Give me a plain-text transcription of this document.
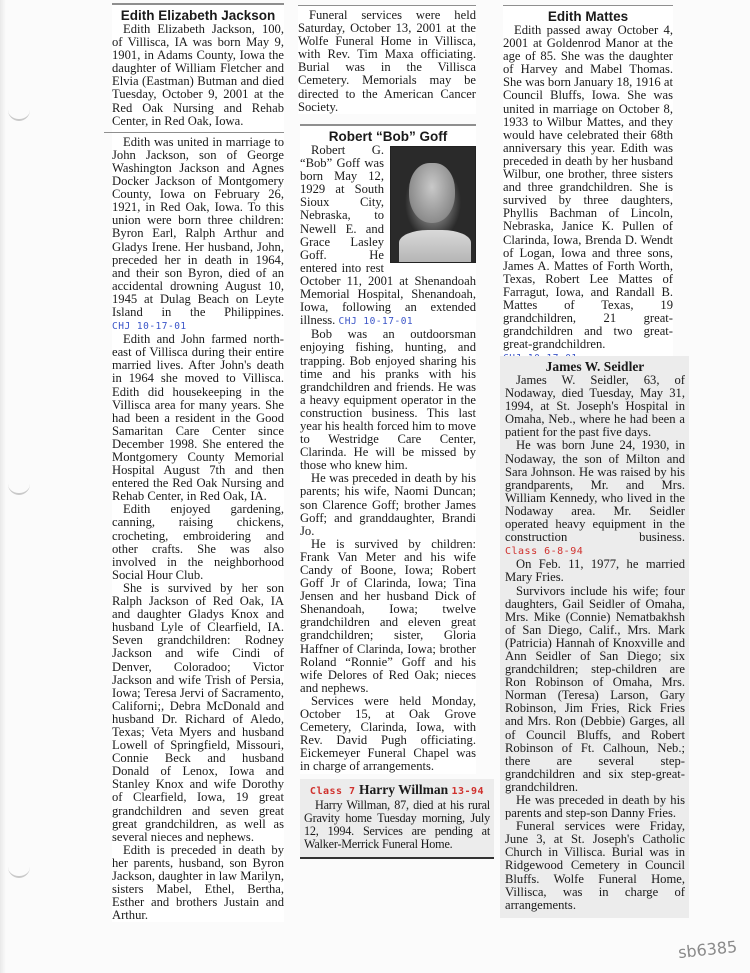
Edith Elizabeth Jackson

Edith Elizabeth Jackson, 100, of Villisca, IA was born May 9, 1901, in Adams County, Iowa the daughter of William Fletcher and Elvia (Eastman) Butman and died Tuesday, October 9, 2001 at the Red Oak Nursing and Rehab Center, in Red Oak, Iowa.

Edith was united in marriage to John Jackson, son of George Washington Jackson and Agnes Docker Jackson of Montgomery County, Iowa on February 26, 1921, in Red Oak, Iowa. To this union were born three children: Byron Earl, Ralph Arthur and Gladys Irene. Her husband, John, preceded her in death in 1964, and their son Byron, died of an accidental drowning August 10, 1945 at Dulag Beach on Leyte Island in the Philippines. CHJ 10-17-01

Edith and John farmed north-east of Villisca during their entire married lives. After John's death in 1964 she moved to Villisca. Edith did housekeeping in the Villisca area for many years. She had been a resident in the Good Samaritan Care Center since December 1998. She entered the Montgomery County Memorial Hospital August 7th and then entered the Red Oak Nursing and Rehab Center, in Red Oak, IA.

Edith enjoyed gardening, canning, raising chickens, crocheting, embroidering and other crafts. She was also involved in the neighborhood Social Hour Club.

She is survived by her son Ralph Jackson of Red Oak, IA and daughter Gladys Knox and husband Lyle of Clearfield, IA. Seven grandchildren: Rodney Jackson and wife Cindi of Denver, Coloradoo; Victor Jackson and wife Trish of Persia, Iowa; Teresa Jervi of Sacramento, Californi;, Debra McDonald and husband Dr. Richard of Aledo, Texas; Veta Myers and husband Lowell of Springfield, Missouri, Connie Beck and husband Donald of Lenox, Iowa and Stanley Knox and wife Dorothy of Clearfield, Iowa, 19 great grandchildren and seven great great grandchildren, as well as several nieces and nephews.

Edith is preceded in death by her parents, husband, son Byron Jackson, daughter in law Marilyn, sisters Mabel, Ethel, Bertha, Esther and brothers Justain and Arthur.

Funeral services were held Saturday, October 13, 2001 at the Wolfe Funeral Home in Villisca, with Rev. Tim Maxa officiating. Burial was in the Villisca Cemetery. Memorials may be directed to the American Cancer Society.

Robert “Bob” Goff

Robert G. “Bob” Goff was born May 12, 1929 at South Sioux City, Nebraska, to Newell E. and Grace Lasley Goff. He entered into rest October 11, 2001 at Shenandoah Memorial Hospital, Shenandoah, Iowa, following an extended illness. CHJ 10-17-01

Bob was an outdoorsman enjoying fishing, hunting, and trapping. Bob enjoyed sharing his time and his pranks with his grandchildren and friends. He was a heavy equipment operator in the construction business. This last year his health forced him to move to Westridge Care Center, Clarinda. He will be missed by those who knew him.

He was preceded in death by his parents; his wife, Naomi Duncan; son Clarence Goff; brother James Goff; and granddaughter, Brandi Jo.

He is survived by children: Frank Van Meter and his wife Candy of Boone, Iowa; Robert Goff Jr of Clarinda, Iowa; Tina Jensen and her husband Dick of Shenandoah, Iowa; twelve grandchildren and eleven great grandchildren; sister, Gloria Haffner of Clarinda, Iowa; brother Roland “Ronnie” Goff and his wife Delores of Red Oak; nieces and nephews.

Services were held Monday, October 15, at Oak Grove Cemetery, Clarinda, Iowa, with Rev. David Pugh officiating. Eickemeyer Funeral Chapel was in charge of arrangements.

Class 7 Harry Willman 13-94

Harry Willman, 87, died at his rural Gravity home Tuesday morning, July 12, 1994. Services are pending at Walker-Merrick Funeral Home.

Edith Mattes

Edith passed away October 4, 2001 at Goldenrod Manor at the age of 85. She was the daughter of Harvey and Mabel Thomas. She was born January 18, 1916 at Council Bluffs, Iowa. She was united in marriage on October 8, 1933 to Wilbur Mattes, and they would have celebrated their 68th anniversary this year. Edith was preceded in death by her husband Wilbur, one brother, three sisters and three grandchildren. She is survived by three daughters, Phyllis Bachman of Lincoln, Nebraska, Janice K. Pullen of Clarinda, Iowa, Brenda D. Wendt of Logan, Iowa and three sons, James A. Mattes of Forth Worth, Texas, Robert Lee Mattes of Farragut, Iowa, and Randall B. Mattes of Texas, 19 grandchildren, 21 great-grandchildren and two great-great-grandchildren.

James W. Seidler

James W. Seidler, 63, of Nodaway, died Tuesday, May 31, 1994, at St. Joseph's Hospital in Omaha, Neb., where he had been a patient for the past five days.

He was born June 24, 1930, in Nodaway, the son of Milton and Sara Johnson. He was raised by his grandparents, Mr. and Mrs. William Kennedy, who lived in the Nodaway area. Mr. Seidler operated heavy equipment in the construction business. Class 6-8-94

On Feb. 11, 1977, he married Mary Fries.

Survivors include his wife; four daughters, Gail Seidler of Omaha, Mrs. Mike (Connie) Nematbakhsh of San Diego, Calif., Mrs. Mark (Patricia) Hannah of Knoxville and Ann Seidler of San Diego; six grandchildren; step-children are Ron Robinson of Omaha, Mrs. Norman (Teresa) Larson, Gary Robinson, Jim Fries, Rick Fries and Mrs. Ron (Debbie) Garges, all of Council Bluffs, and Robert Robinson of Ft. Calhoun, Neb.; there are several step-grandchildren and six step-great-grandchildren.

He was preceded in death by his parents and step-son Danny Fries.

Funeral services were Friday, June 3, at St. Joseph's Catholic Church in Villisca. Burial was in Ridgewood Cemetery in Council Bluffs. Wolfe Funeral Home, Villisca, was in charge of arrangements.

sb6385
